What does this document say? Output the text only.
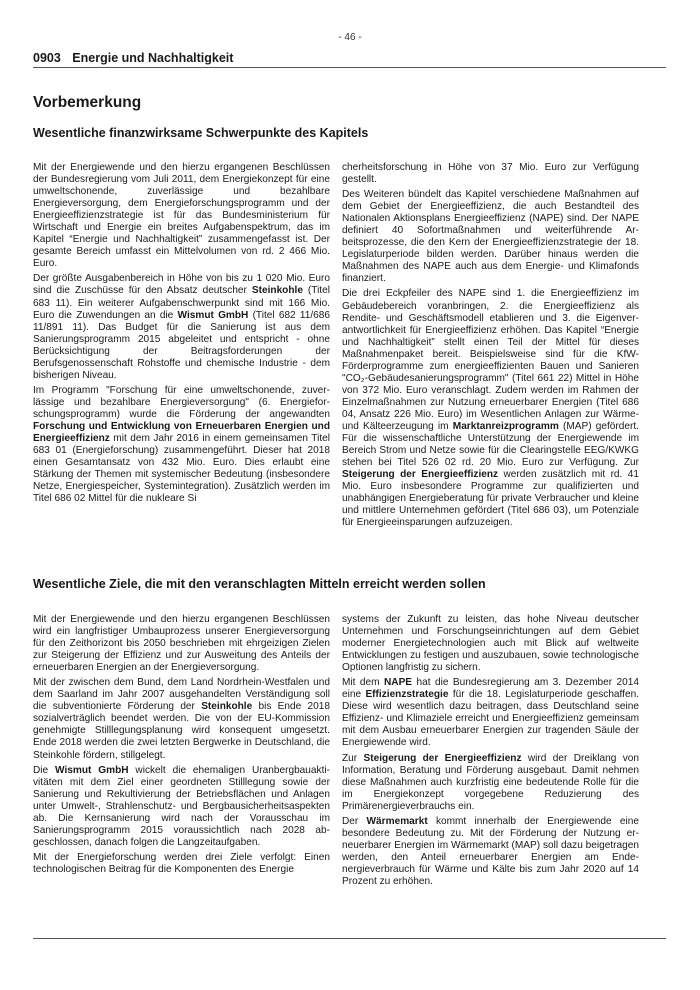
- 46 -
0903 Energie und Nachhaltigkeit
Vorbemerkung
Wesentliche finanzwirksame Schwerpunkte des Kapitels

Mit der Energiewende und den hierzu ergangenen Beschlüssen der Bundesregierung vom Juli 2011, dem Energiekonzept für eine umweltschonende, zuverlässige und bezahlbare Energieversorgung, dem Energieforschungsprogramm und der Energieeffizienzstrategie ist für das Bundesministerium für Wirtschaft und Energie ein breites Aufgabenspektrum, das im Kapitel “Energie und Nachhaltigkeit” zusammengefasst ist. Der gesamte Bereich umfasst ein Mittelvolumen von rd. 2 466 Mio. Euro.

Der größte Ausgabenbereich in Höhe von bis zu 1 020 Mio. Euro sind die Zuschüsse für den Absatz deutscher Steinkohle (Titel 683 11). Ein weiterer Aufgabenschwerpunkt sind mit 166 Mio. Euro die Zuwendungen an die Wismut GmbH (Titel 682 11/686 11/891 11). Das Budget für die Sanierung ist aus dem Sanierungsprogramm 2015 abgeleitet und entspricht - ohne Berücksichtigung der Beitragsforderungen der Berufsgenossenschaft Rohstoffe und chemische Industrie - dem bisherigen Niveau.

Im Programm "Forschung für eine umweltschonende, zuverlässige und bezahlbare Energieversorgung" (6. Energieforschungsprogramm) wurde die Förderung der angewandten Forschung und Entwicklung von Erneuerbaren Energien und Energieeffizienz mit dem Jahr 2016 in einem gemeinsamen Titel 683 01 (Energieforschung) zusammengeführt. Dieser hat 2018 einen Gesamtansatz von 432 Mio. Euro. Dies erlaubt eine Stärkung der Themen mit systemischer Bedeutung (insbesondere Netze, Energiespeicher, Systemintegration). Zusätzlich werden im Titel 686 02 Mittel für die nukleare Si

cherheitsforschung in Höhe von 37 Mio. Euro zur Verfügung gestellt.

Des Weiteren bündelt das Kapitel verschiedene Maßnahmen auf dem Gebiet der Energieeffizienz, die auch Bestandteil des Nationalen Aktionsplans Energieeffizienz (NAPE) sind. Der NAPE definiert 40 Sofortmaßnahmen und weiterführende Arbeitsprozesse, die den Kern der Energieeffizienzstrategie der 18. Legislaturperiode bilden werden. Darüber hinaus werden die Maßnahmen des NAPE auch aus dem Energie- und Klimafonds finanziert.

Die drei Eckpfeiler des NAPE sind 1. die Energieeffizienz im Gebäudebereich voranbringen, 2. die Energieeffizienz als Rendite- und Geschäftsmodell etablieren und 3. die Eigenverantwortlichkeit für Energieeffizienz erhöhen. Das Kapitel “Energie und Nachhaltigkeit” stellt einen Teil der Mittel für dieses Maßnahmenpaket bereit. Beispielsweise sind für die KfW-Förderprogramme zum energieeffizienten Bauen und Sanieren "CO₂-Gebäudesanierungsprogramm" (Titel 661 22) Mittel in Höhe von 372 Mio. Euro veranschlagt. Zudem werden im Rahmen der Einzelmaßnahmen zur Nutzung erneuerbarer Energien (Titel 686 04, Ansatz 226 Mio. Euro) im Wesentlichen Anlagen zur Wärme- und Kälteerzeugung im Marktanreizprogramm (MAP) gefördert. Für die wissenschaftliche Unterstützung der Energiewende im Bereich Strom und Netze sowie für die Clearingstelle EEG/KWKG stehen bei Titel 526 02 rd. 20 Mio. Euro zur Verfügung. Zur Steigerung der Energieeffizienz werden zusätzlich mit rd. 41 Mio. Euro insbesondere Programme zur qualifizierten und unabhängigen Energieberatung für private Verbraucher und kleine und mittlere Unternehmen gefördert (Titel 686 03), um Potenziale für Energieeinsparungen aufzuzeigen.

Wesentliche Ziele, die mit den veranschlagten Mitteln erreicht werden sollen

Mit der Energiewende und den hierzu ergangenen Beschlüssen wird ein langfristiger Umbauprozess unserer Energieversorgung für den Zeithorizont bis 2050 beschrieben mit ehrgeizigen Zielen zur Steigerung der Effizienz und zur Ausweitung des Anteils der erneuerbaren Energien an der Energieversorgung.

Mit der zwischen dem Bund, dem Land Nordrhein-Westfalen und dem Saarland im Jahr 2007 ausgehandelten Verständigung soll die subventionierte Förderung der Steinkohle bis Ende 2018 sozialverträglich beendet werden. Die von der EU-Kommission genehmigte Stilllegungsplanung wird konsequent umgesetzt. Ende 2018 werden die zwei letzten Bergwerke in Deutschland, die Steinkohle fördern, stillgelegt.

Die Wismut GmbH wickelt die ehemaligen Uranbergbauaktivitäten mit dem Ziel einer geordneten Stilllegung sowie der Sanierung und Rekultivierung der Betriebsflächen und Anlagen unter Umwelt-, Strahlenschutz- und Bergbausicherheitsaspekten ab. Die Kernsanierung wird nach der Vorausschau im Sanierungsprogramm 2015 voraussichtlich nach 2028 abgeschlossen, danach folgen die Langzeitaufgaben.

Mit der Energieforschung werden drei Ziele verfolgt: Einen technologischen Beitrag für die Komponenten des Energie

systems der Zukunft zu leisten, das hohe Niveau deutscher Unternehmen und Forschungseinrichtungen auf dem Gebiet moderner Energietechnologien auch mit Blick auf weltweite Entwicklungen zu festigen und auszubauen, sowie technologische Optionen langfristig zu sichern.

Mit dem NAPE hat die Bundesregierung am 3. Dezember 2014 eine Effizienzstrategie für die 18. Legislaturperiode geschaffen. Diese wird wesentlich dazu beitragen, dass Deutschland seine Effizienz- und Klimaziele erreicht und Energieeffizienz gemeinsam mit dem Ausbau erneuerbarer Energien zur tragenden Säule der Energiewende wird.

Zur Steigerung der Energieeffizienz wird der Dreiklang von Information, Beratung und Förderung ausgebaut. Damit nehmen diese Maßnahmen auch kurzfristig eine bedeutende Rolle für die im Energiekonzept vorgegebene Reduzierung des Primärenergieverbrauchs ein.

Der Wärmemarkt kommt innerhalb der Energiewende eine besondere Bedeutung zu. Mit der Förderung der Nutzung erneuerbarer Energien im Wärmemarkt (MAP) soll dazu beigetragen werden, den Anteil erneuerbarer Energien am Endenergieverbrauch für Wärme und Kälte bis zum Jahr 2020 auf 14 Prozent zu erhöhen.
